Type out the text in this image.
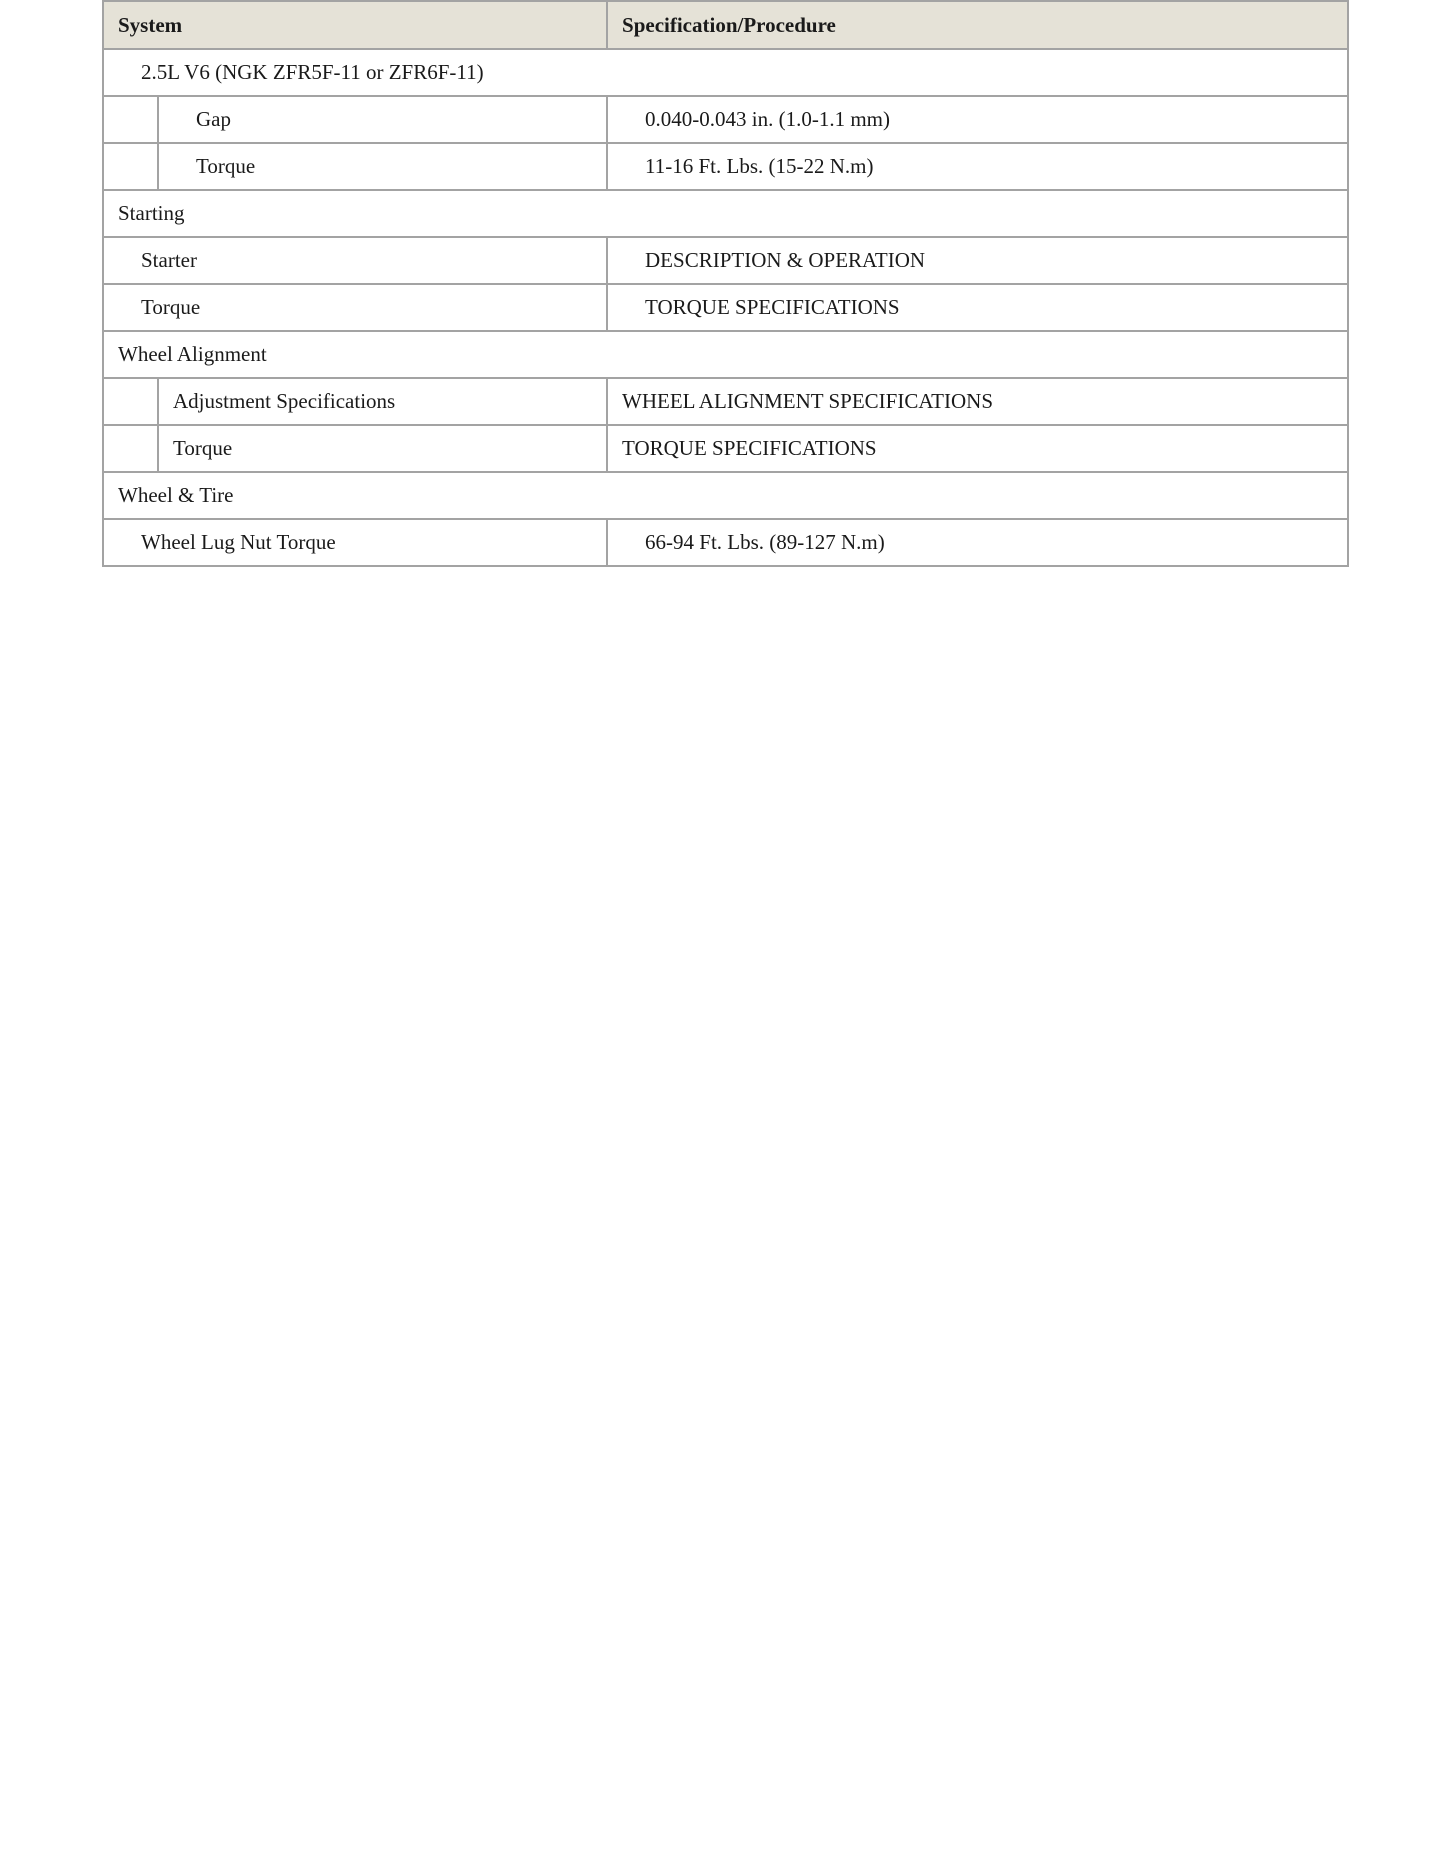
System		Specification/Procedure
2.5L V6 (NGK ZFR5F-11 or ZFR6F-11)		
	Gap	0.040-0.043 in. (1.0-1.1 mm)
	Torque	11-16 Ft. Lbs. (15-22 N.m)
Starting		
Starter		DESCRIPTION & OPERATION
Torque		TORQUE SPECIFICATIONS
Wheel Alignment		
	Adjustment Specifications	WHEEL ALIGNMENT SPECIFICATIONS
	Torque	TORQUE SPECIFICATIONS
Wheel & Tire		
Wheel Lug Nut Torque		66-94 Ft. Lbs. (89-127 N.m)
